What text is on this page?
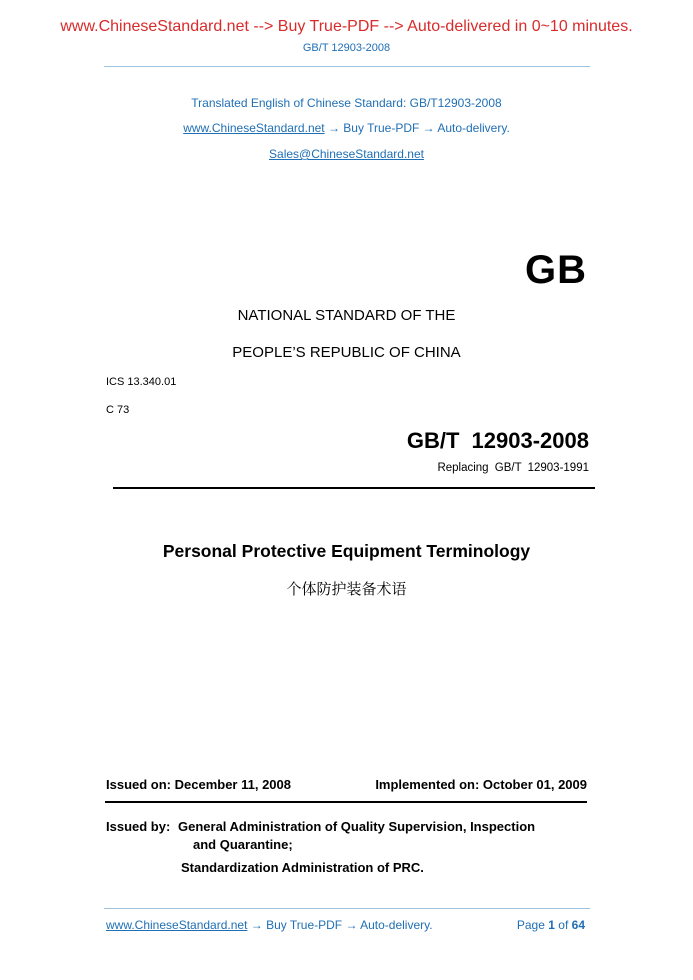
www.ChineseStandard.net --> Buy True-PDF --> Auto-delivered in 0~10 minutes.
GB/T 12903-2008
Translated English of Chinese Standard: GB/T12903-2008
www.ChineseStandard.net → Buy True-PDF → Auto-delivery.
Sales@ChineseStandard.net
GB
NATIONAL STANDARD OF THE
PEOPLE’S REPUBLIC OF CHINA
ICS 13.340.01
C 73
GB/T 12903-2008
Replacing GB/T 12903-1991
Personal Protective Equipment Terminology
个体防护装备术语
Issued on: December 11, 2008	Implemented on: October 01, 2009
Issued by: General Administration of Quality Supervision, Inspection
and Quarantine;
Standardization Administration of PRC.
www.ChineseStandard.net → Buy True-PDF → Auto-delivery.	Page 1 of 64
